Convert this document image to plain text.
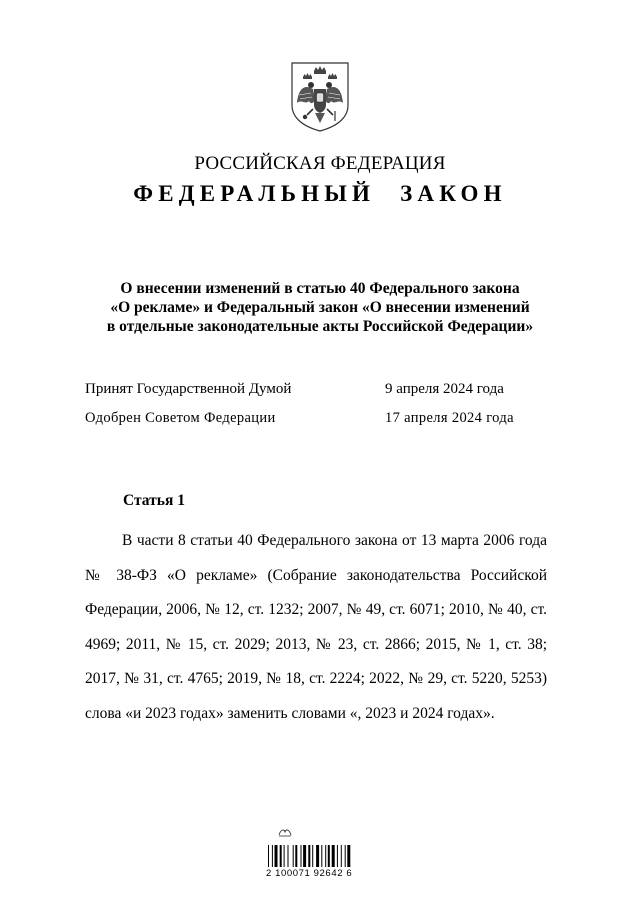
РОССИЙСКАЯ ФЕДЕРАЦИЯ
ФЕДЕРАЛЬНЫЙ ЗАКОН
О внесении изменений в статью 40 Федерального закона
«О рекламе» и Федеральный закон «О внесении изменений
в отдельные законодательные акты Российской Федерации»
Принят Государственной Думой	9 апреля 2024 года
Одобрен Советом Федерации	17 апреля 2024 года
Статья 1

В части 8 статьи 40 Федерального закона от 13 марта 2006 года № 38-ФЗ «О рекламе» (Собрание законодательства Российской Федерации, 2006, № 12, ст. 1232; 2007, № 49, ст. 6071; 2010, № 40, ст. 4969; 2011, № 15, ст. 2029; 2013, № 23, ст. 2866; 2015, № 1, ст. 38; 2017, № 31, ст. 4765; 2019, № 18, ст. 2224; 2022, № 29, ст. 5220, 5253) слова «и 2023 годах» заменить словами «, 2023 и 2024 годах».

2 100071 92642 6
